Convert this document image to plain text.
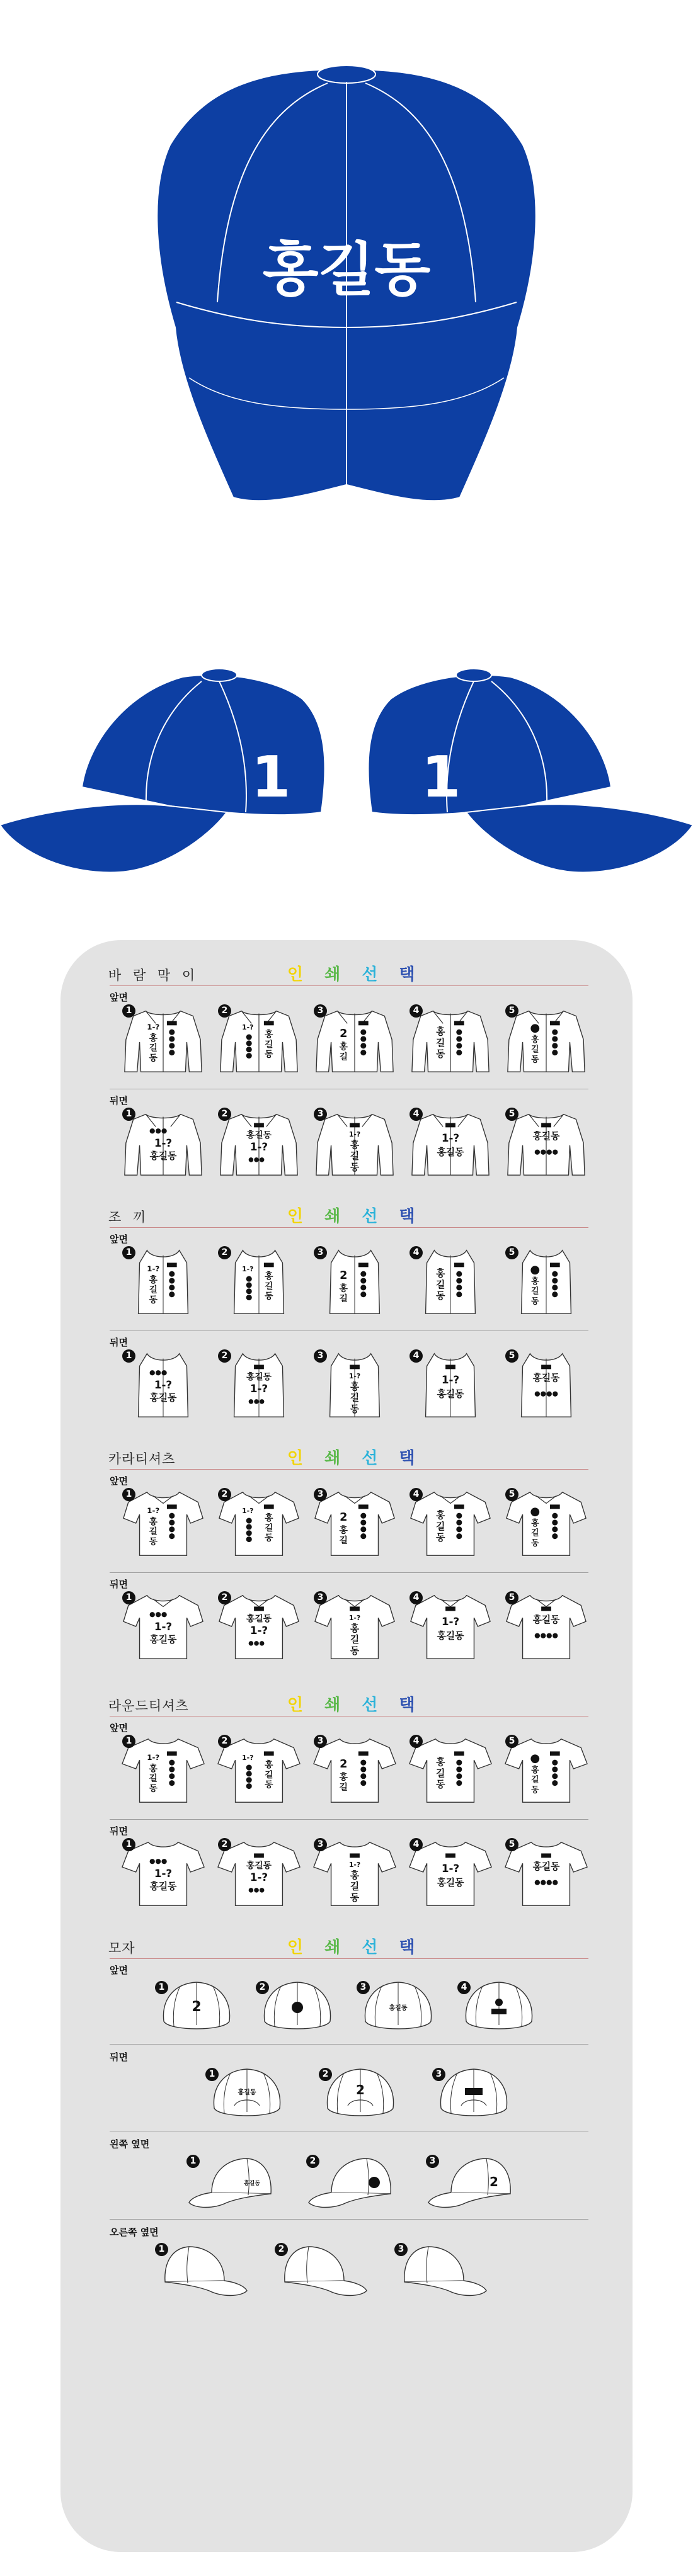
홍길동
1 1
바 람 막 이	인쇄선택
앞면
1-?
홍
길
동
1
1-?
홍
길
동
2
2
홍
길
3
홍
길
동
4
홍
길
동
5
뒤면
●●●
1-?
홍길동
1
홍길동
1-?
●●●
2
1-?
홍
길
동
3
1-?
홍길동
4
홍길동
●●●●
5
조 끼	인쇄선택
앞면
1-?
홍
길
동
1
1-?
홍
길
동
2
2
홍
길
3
홍
길
동
4
홍
길
동
5
뒤면
●●●
1-?
홍길동
1
홍길동
1-?
●●●
2
1-?
홍
길
동
3
1-?
홍길동
4
홍길동
●●●●
5
카라티셔츠	인쇄선택
앞면
1-?
홍
길
동
1
1-?
홍
길
동
2
2
홍
길
3
홍
길
동
4
홍
길
동
5
뒤면
●●●
1-?
홍길동
1
홍길동
1-?
●●●
2
1-?
홍
길
동
3
1-?
홍길동
4
홍길동
●●●●
5
라운드티셔츠	인쇄선택
앞면
1-?
홍
길
동
1
1-?
홍
길
동
2
2
홍
길
3
홍
길
동
4
홍
길
동
5
뒤면
●●●
1-?
홍길동
1
홍길동
1-?
●●●
2
1-?
홍
길
동
3
1-?
홍길동
4
홍길동
●●●●
5
모자	인쇄선택
앞면
2
1	2
홍길동
3	4
뒤면
홍길동
1
2
2	3
왼쪽 옆면
홍길동
1
4
2
2
3
오른쪽 옆면
1	2	3
